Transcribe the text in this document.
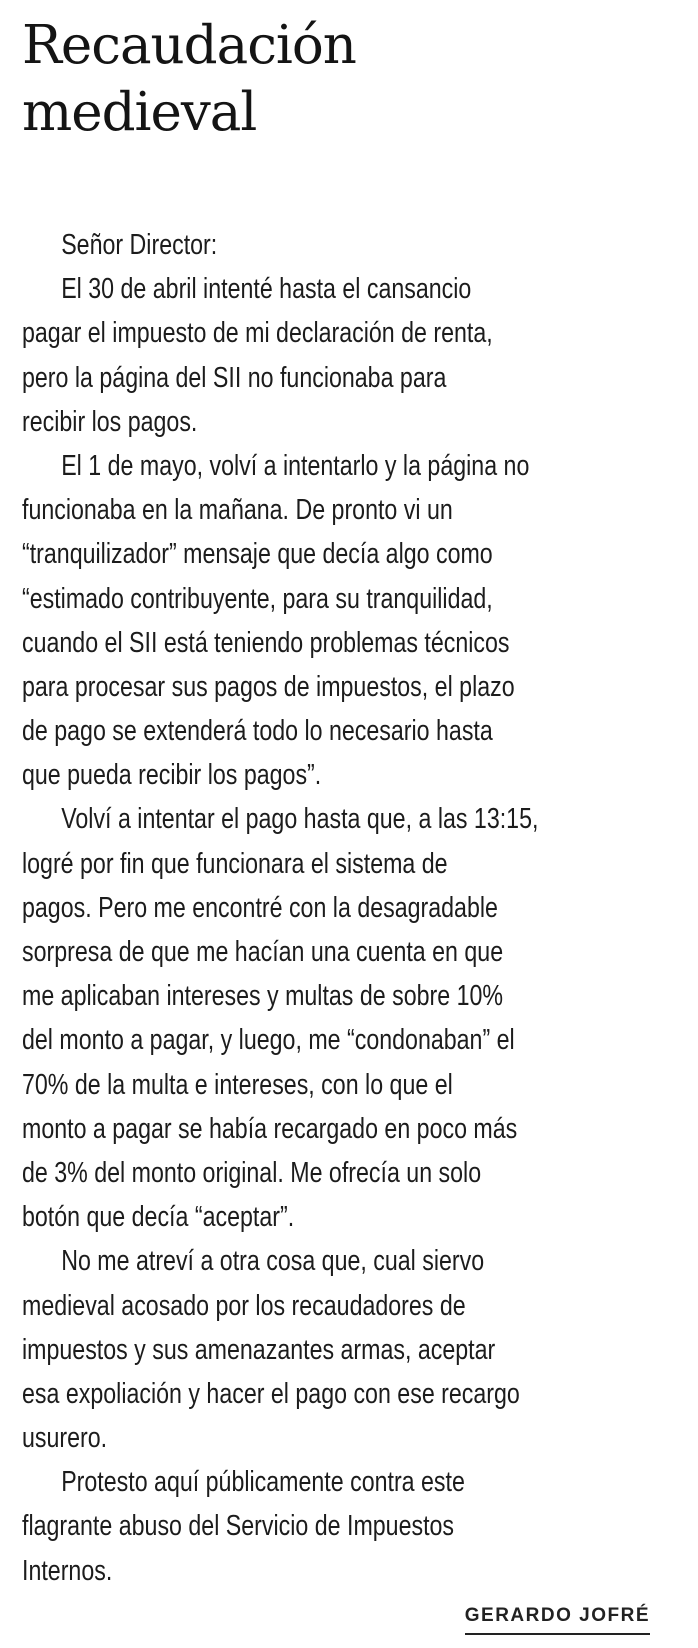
Recaudación
medieval
Señor Director:
El 30 de abril intenté hasta el cansancio
pagar el impuesto de mi declaración de renta,
pero la página del SII no funcionaba para
recibir los pagos.
El 1 de mayo, volví a intentarlo y la página no
funcionaba en la mañana. De pronto vi un
“tranquilizador” mensaje que decía algo como
“estimado contribuyente, para su tranquilidad,
cuando el SII está teniendo problemas técnicos
para procesar sus pagos de impuestos, el plazo
de pago se extenderá todo lo necesario hasta
que pueda recibir los pagos”.
Volví a intentar el pago hasta que, a las 13:15,
logré por fin que funcionara el sistema de
pagos. Pero me encontré con la desagradable
sorpresa de que me hacían una cuenta en que
me aplicaban intereses y multas de sobre 10%
del monto a pagar, y luego, me “condonaban” el
70% de la multa e intereses, con lo que el
monto a pagar se había recargado en poco más
de 3% del monto original. Me ofrecía un solo
botón que decía “aceptar”.
No me atreví a otra cosa que, cual siervo
medieval acosado por los recaudadores de
impuestos y sus amenazantes armas, aceptar
esa expoliación y hacer el pago con ese recargo
usurero.
Protesto aquí públicamente contra este
flagrante abuso del Servicio de Impuestos
Internos.
GERARDO JOFRÉ
